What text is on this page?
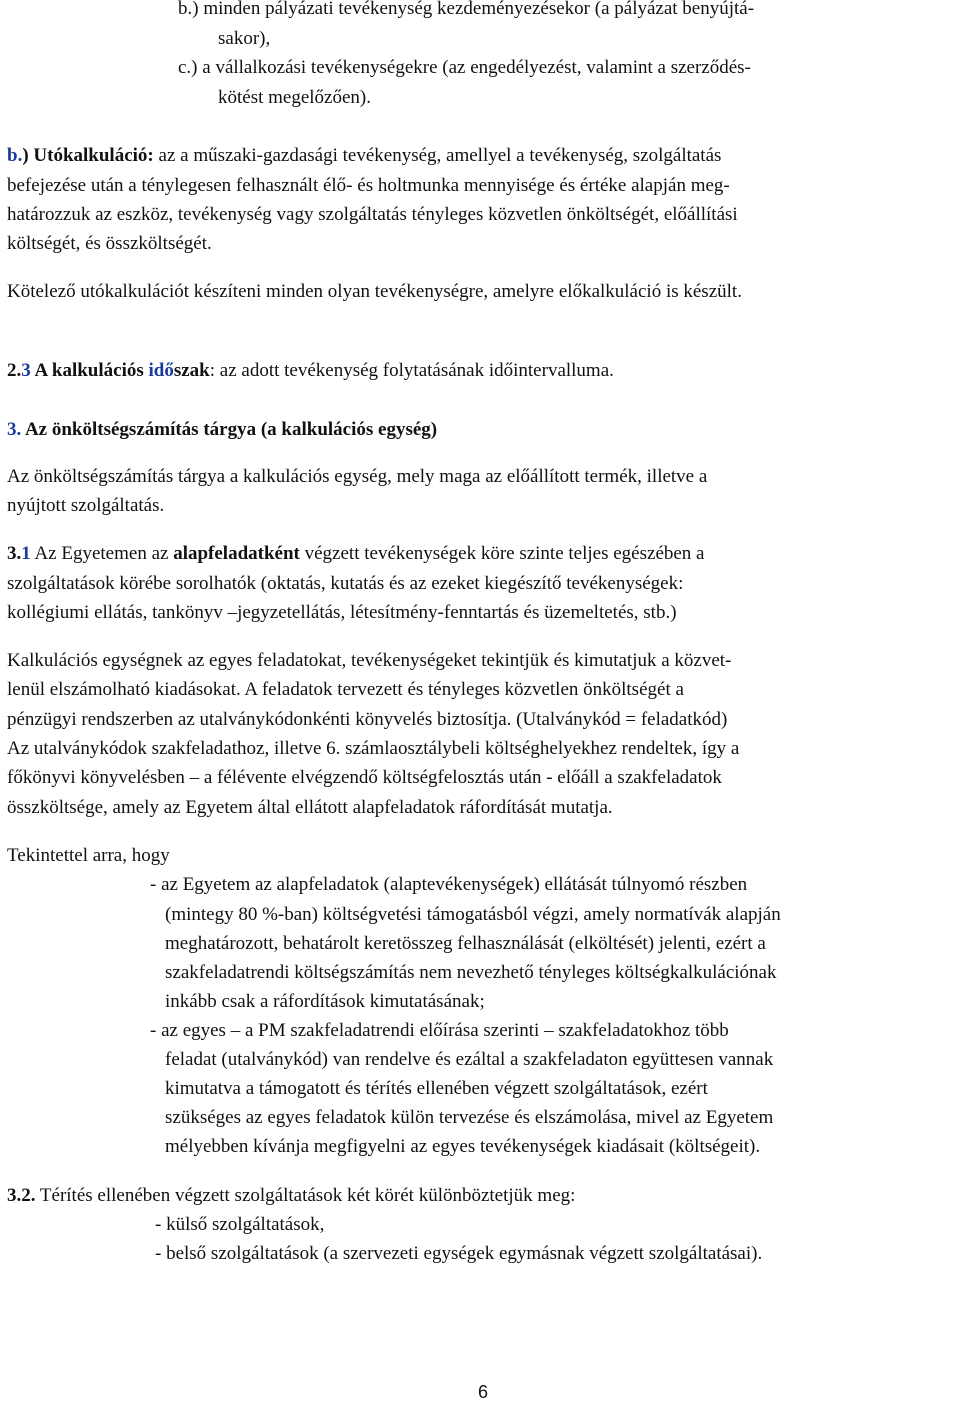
b.) minden pályázati tevékenység kezdeményezésekor (a pályázat benyújtá-
sakor),
c.) a vállalkozási tevékenységekre (az engedélyezést, valamint a szerződés-
kötést megelőzően).
b.) Utókalkuláció: az a műszaki-gazdasági tevékenység, amellyel a tevékenység, szolgáltatás
befejezése után a ténylegesen felhasznált élő- és holtmunka mennyisége és értéke alapján meg-
határozzuk az eszköz, tevékenység vagy szolgáltatás tényleges közvetlen önköltségét, előállítási
költségét, és összköltségét.
Kötelező utókalkulációt készíteni minden olyan tevékenységre, amelyre előkalkuláció is készült.
2.3 A kalkulációs időszak: az adott tevékenység folytatásának időintervalluma.
3. Az önköltségszámítás tárgya (a kalkulációs egység)
Az önköltségszámítás tárgya a kalkulációs egység, mely maga az előállított termék, illetve a
nyújtott szolgáltatás.
3.1 Az Egyetemen az alapfeladatként végzett tevékenységek köre szinte teljes egészében a
szolgáltatások körébe sorolhatók (oktatás, kutatás és az ezeket kiegészítő tevékenységek:
kollégiumi ellátás, tankönyv –jegyzetellátás, létesítmény-fenntartás és üzemeltetés, stb.)
Kalkulációs egységnek az egyes feladatokat, tevékenységeket tekintjük és kimutatjuk a közvet-
lenül elszámolható kiadásokat. A feladatok tervezett és tényleges közvetlen önköltségét a
pénzügyi rendszerben az utalványkódonkénti könyvelés biztosítja. (Utalványkód = feladatkód)
Az utalványkódok szakfeladathoz, illetve 6. számlaosztálybeli költséghelyekhez rendeltek, így a
főkönyvi könyvelésben – a félévente elvégzendő költségfelosztás után - előáll a szakfeladatok
összköltsége, amely az Egyetem által ellátott alapfeladatok ráfordítását mutatja.
Tekintettel arra, hogy
- az Egyetem az alapfeladatok (alaptevékenységek) ellátását túlnyomó részben
(mintegy 80 %-ban) költségvetési támogatásból végzi, amely normatívák alapján
meghatározott, behatárolt keretösszeg felhasználását (elköltését) jelenti, ezért a
szakfeladatrendi költségszámítás nem nevezhető tényleges költségkalkulációnak
inkább csak a ráfordítások kimutatásának;
- az egyes – a PM szakfeladatrendi előírása szerinti – szakfeladatokhoz több
feladat (utalványkód) van rendelve és ezáltal a szakfeladaton együttesen vannak
kimutatva a támogatott és térítés ellenében végzett szolgáltatások, ezért
szükséges az egyes feladatok külön tervezése és elszámolása, mivel az Egyetem
mélyebben kívánja megfigyelni az egyes tevékenységek kiadásait (költségeit).
3.2. Térítés ellenében végzett szolgáltatások két körét különböztetjük meg:
- külső szolgáltatások,
- belső szolgáltatások (a szervezeti egységek egymásnak végzett szolgáltatásai).
6
